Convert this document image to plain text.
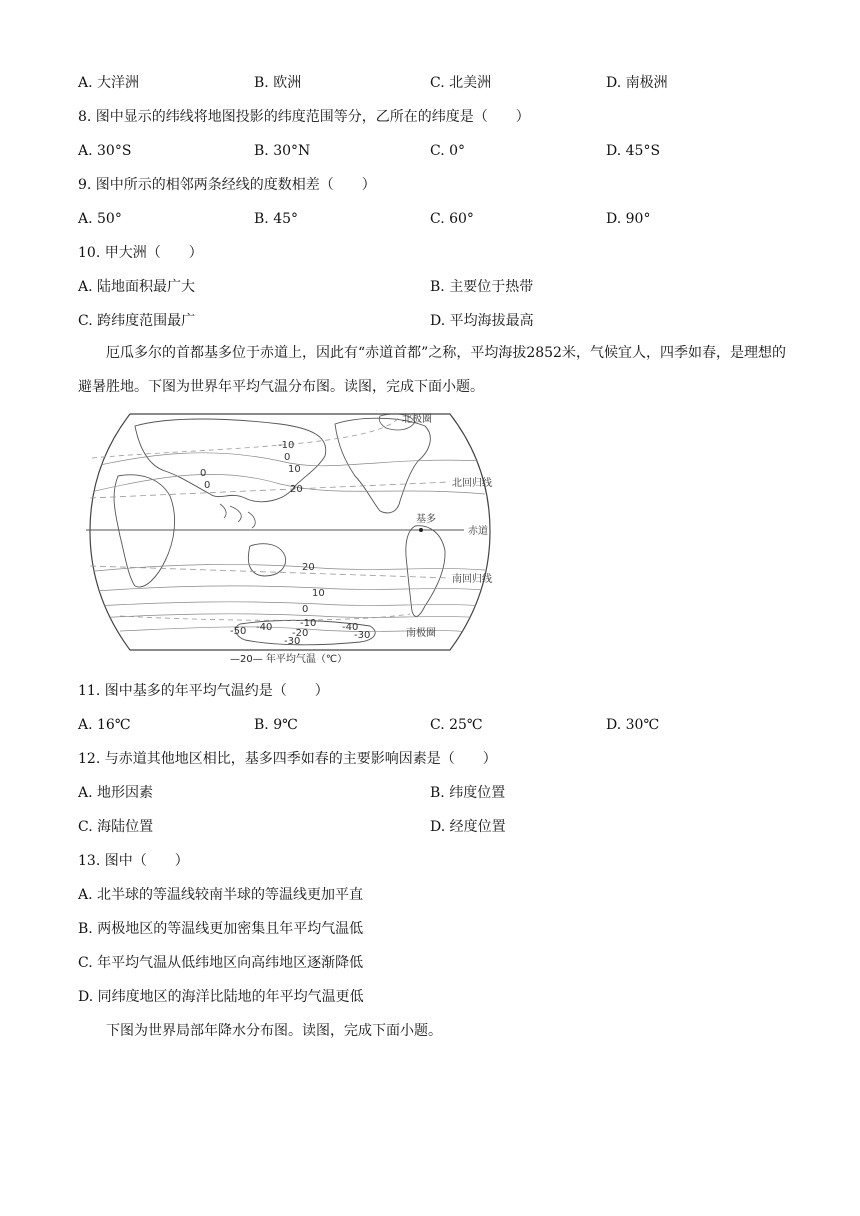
A. 大洋洲	B. 欧洲	C. 北美洲	D. 南极洲
8. 图中显示的纬线将地图投影的纬度范围等分，乙所在的纬度是（　　）
A. 30°S	B. 30°N	C. 0°	D. 45°S
9. 图中所示的相邻两条经线的度数相差（　　）
A. 50°	B. 45°	C. 60°	D. 90°
10. 甲大洲（　　）
A. 陆地面积最广大	B. 主要位于热带
C. 跨纬度范围最广	D. 平均海拔最高
厄瓜多尔的首都基多位于赤道上，因此有“赤道首都”之称，平均海拔2852米，气候宜人，四季如春，是理想的避暑胜地。下图为世界年平均气温分布图。读图，完成下面小题。
北极圈
北回归线
赤道
基多
南回归线
南极圈
-10
0
10
0
0	20
20
10
0
-10
-20
-30
-50 -40	-40
-30
—20— 年平均气温（℃）
11. 图中基多的年平均气温约是（　　）
A. 16℃	B. 9℃	C. 25℃	D. 30℃
12. 与赤道其他地区相比，基多四季如春的主要影响因素是（　　）
A. 地形因素	B. 纬度位置
C. 海陆位置	D. 经度位置
13. 图中（　　）
A. 北半球的等温线较南半球的等温线更加平直
B. 两极地区的等温线更加密集且年平均气温低
C. 年平均气温从低纬地区向高纬地区逐渐降低
D. 同纬度地区的海洋比陆地的年平均气温更低
下图为世界局部年降水分布图。读图，完成下面小题。
